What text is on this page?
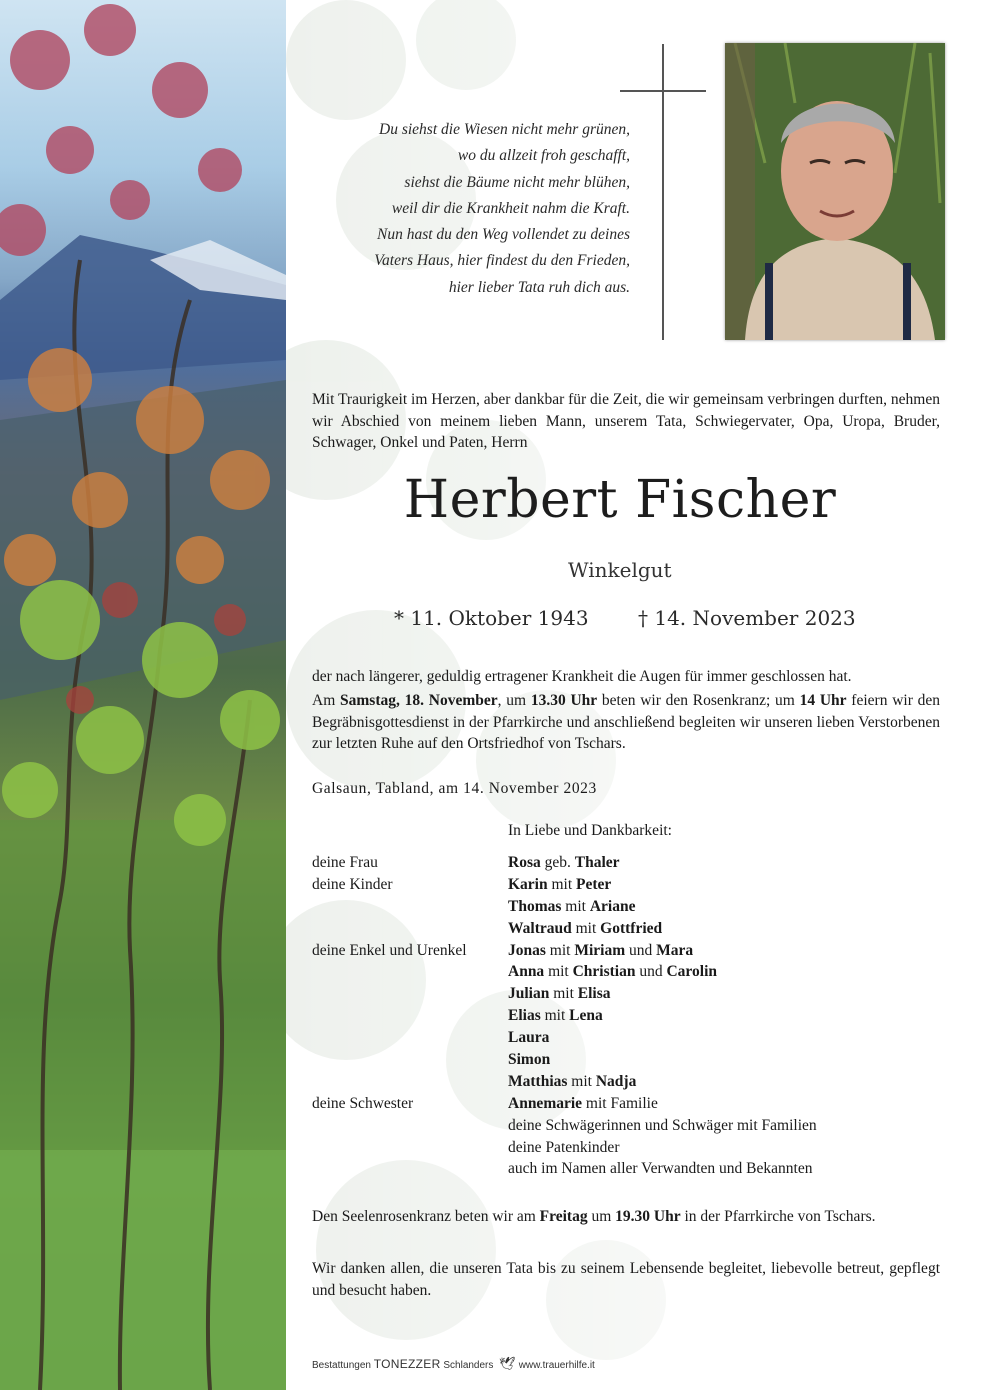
Du siehst die Wiesen nicht mehr grünen,
wo du allzeit froh geschafft,
siehst die Bäume nicht mehr blühen,
weil dir die Krankheit nahm die Kraft.
Nun hast du den Weg vollendet zu deines
Vaters Haus, hier findest du den Frieden,
hier lieber Tata ruh dich aus.
Mit Traurigkeit im Herzen, aber dankbar für die Zeit, die wir gemeinsam verbringen durften, nehmen wir Abschied von meinem lieben Mann, unserem Tata, Schwiegervater, Opa, Uropa, Bruder, Schwager, Onkel und Paten, Herrn
Herbert Fischer
Winkelgut
* 11. Oktober 1943 † 14. November 2023
der nach längerer, geduldig ertragener Krankheit die Augen für immer geschlossen hat.
Am Samstag, 18. November, um 13.30 Uhr beten wir den Rosenkranz; um 14 Uhr feiern wir den Begräbnisgottesdienst in der Pfarrkirche und anschließend begleiten wir unseren lieben Verstorbenen zur letzten Ruhe auf den Ortsfriedhof von Tschars.
Galsaun, Tabland, am 14. November 2023
In Liebe und Dankbarkeit:
deine Frau	Rosa geb. Thaler
deine Kinder	Karin mit Peter
Thomas mit Ariane
Waltraud mit Gottfried
deine Enkel und Urenkel	Jonas mit Miriam und Mara
Anna mit Christian und Carolin
Julian mit Elisa
Elias mit Lena
Laura
Simon
Matthias mit Nadja
deine Schwester	Annemarie mit Familie
deine Schwägerinnen und Schwäger mit Familien
deine Patenkinder
auch im Namen aller Verwandten und Bekannten
Den Seelenrosenkranz beten wir am Freitag um 19.30 Uhr in der Pfarrkirche von Tschars.
Wir danken allen, die unseren Tata bis zu seinem Lebensende begleitet, liebevolle betreut, gepflegt und besucht haben.
Bestattungen TONEZZER Schlanders 🕊 www.trauerhilfe.it
